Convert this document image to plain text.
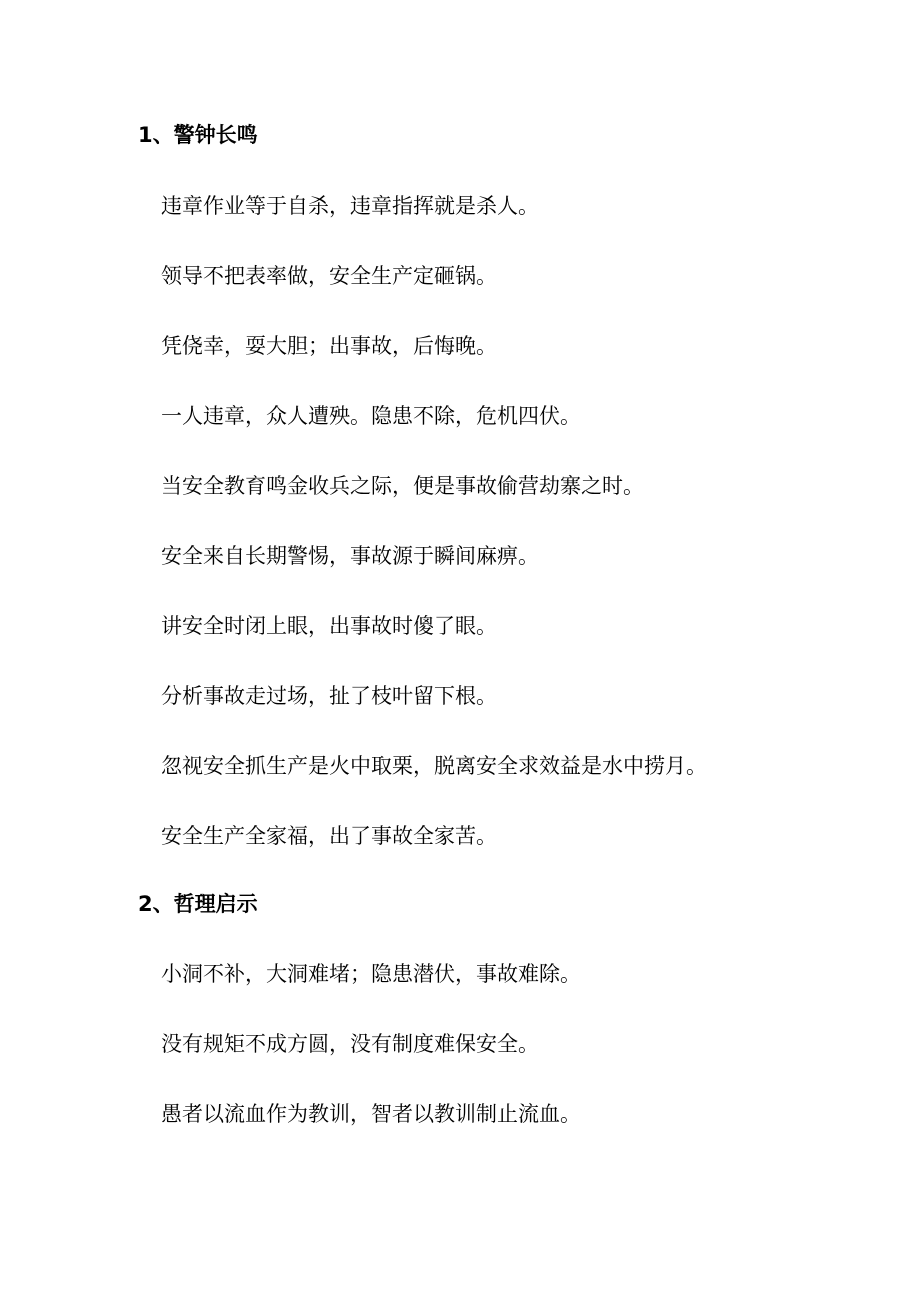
1、警钟长鸣
违章作业等于自杀，违章指挥就是杀人。
领导不把表率做，安全生产定砸锅。
凭侥幸，耍大胆；出事故，后悔晚。
一人违章，众人遭殃。隐患不除，危机四伏。
当安全教育鸣金收兵之际，便是事故偷营劫寨之时。
安全来自长期警惕，事故源于瞬间麻痹。
讲安全时闭上眼，出事故时傻了眼。
分析事故走过场，扯了枝叶留下根。
忽视安全抓生产是火中取栗，脱离安全求效益是水中捞月。
安全生产全家福，出了事故全家苦。
2、哲理启示
小洞不补，大洞难堵；隐患潜伏，事故难除。
没有规矩不成方圆，没有制度难保安全。
愚者以流血作为教训，智者以教训制止流血。
